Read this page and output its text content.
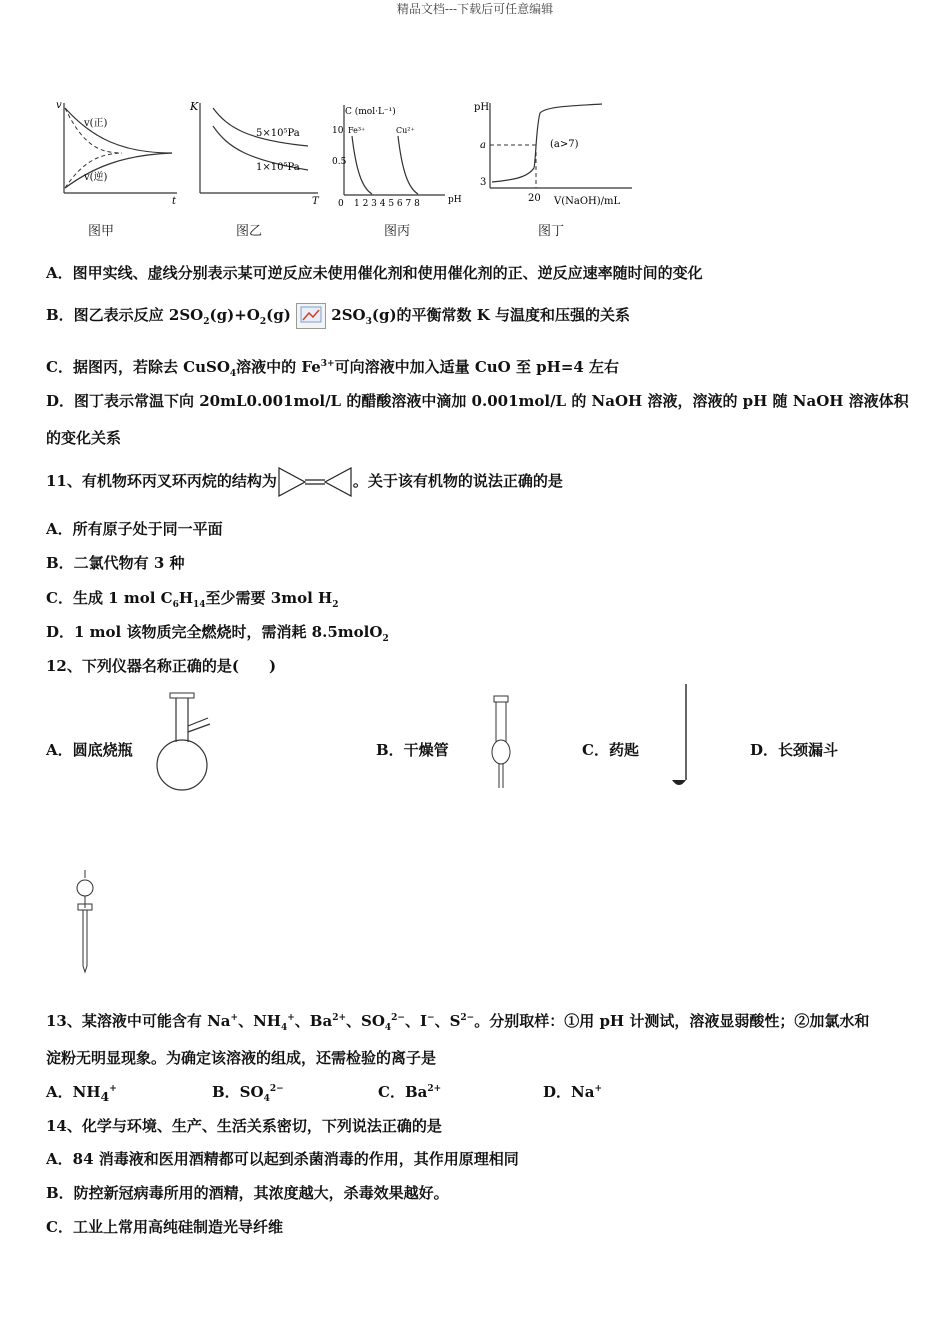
精品文档---下载后可任意编辑
v
t
v(正)
v(逆)
图甲
K
T
5×10⁵Pa
1×10⁵Pa
图乙
C (mol·L⁻¹)
10
0.5
0 1 2 3 4 5 6 7 8	pH
Fe³⁺	Cu²⁺
图丙
pH
a
3
20 V(NaOH)/mL
(a>7)
图丁
A．图甲实线、虚线分别表示某可逆反应未使用催化剂和使用催化剂的正、逆反应速率随时间的变化
B．图乙表示反应 $2SO_2(g)+O_2(g)$	$2SO_3(g)$的平衡常数 K 与温度和压强的关系
C．据图丙，若除去 CuSO$_4$溶液中的 $Fe^{3+}$可向溶液中加入适量 CuO 至 pH=4 左右
D．图丁表示常温下向 20mL0.001mol/L 的醋酸溶液中滴加 0.001mol/L 的 NaOH 溶液，溶液的 pH 随 NaOH 溶液体积
的变化关系
11、有机物环丙叉环丙烷的结构为	。关于该有机物的说法正确的是
A．所有原子处于同一平面
B．二氯代物有 3 种
C．生成 1 mol $C_6H_{14}$至少需要 3mol $H_2$
D．1 mol 该物质完全燃烧时，需消耗 8.5molO$_2$
12、下列仪器名称正确的是(　　)
A．圆底烧瓶	B．干燥管	C．药匙	D．长颈漏斗
13、某溶液中可能含有 Na+、$NH_4^+$、$Ba^{2+}$、$SO_4^{2-}$、I−、$S^{2-}$。分别取样：①用 pH 计测试，溶液显弱酸性；②加氯水和
淀粉无明显现象。为确定该溶液的组成，还需检验的离子是
A．$NH_4^+$	B．$SO_4^{2-}$	C．$Ba^{2+}$	D．Na+
14、化学与环境、生产、生活关系密切，下列说法正确的是
A．84 消毒液和医用酒精都可以起到杀菌消毒的作用，其作用原理相同
B．防控新冠病毒所用的酒精，其浓度越大，杀毒效果越好。
C．工业上常用高纯硅制造光导纤维
